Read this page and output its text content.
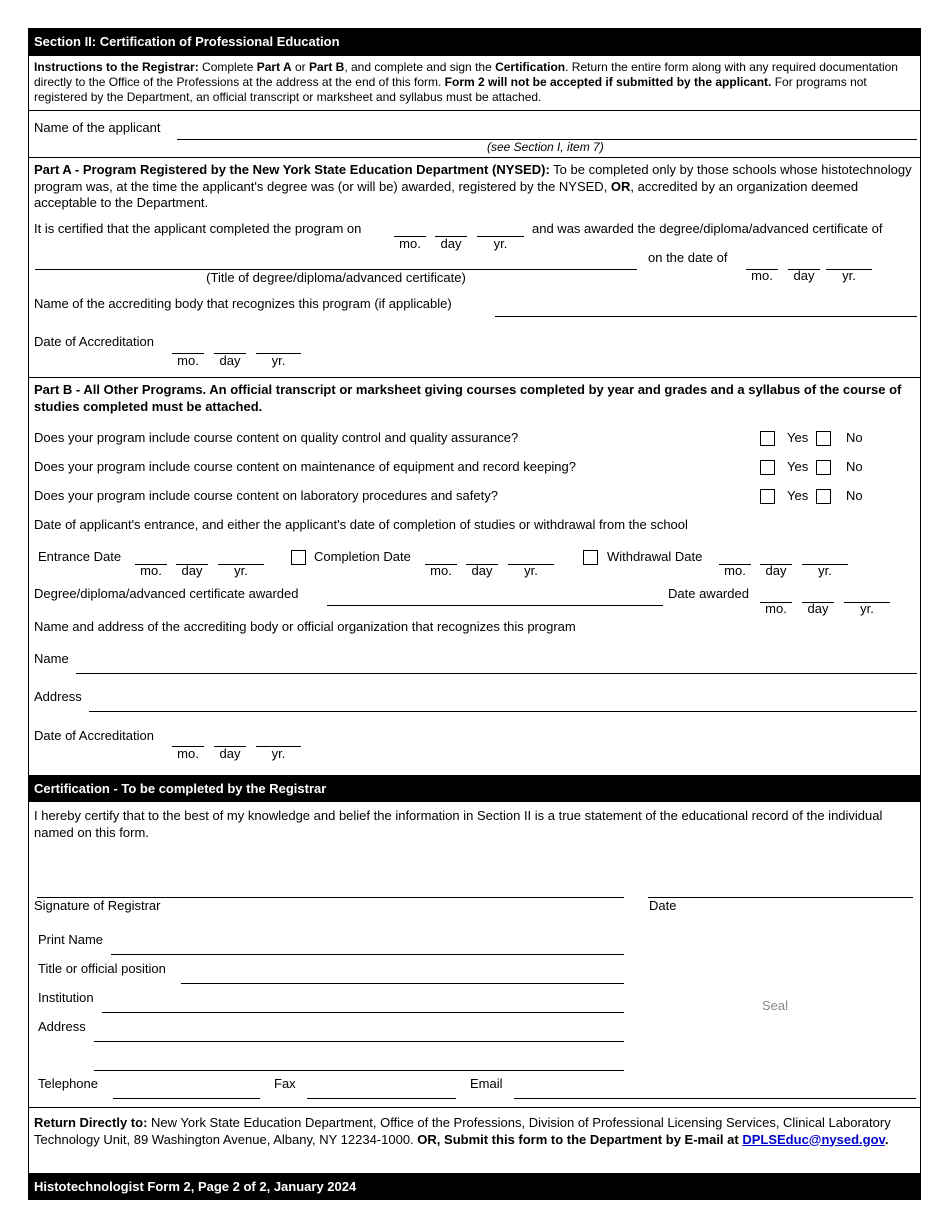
Section II: Certification of Professional Education
Instructions to the Registrar: Complete Part A or Part B, and complete and sign the Certification. Return the entire form along with any required documentation directly to the Office of the Professions at the address at the end of this form. Form 2 will not be accepted if submitted by the applicant. For programs not registered by the Department, an official transcript or marksheet and syllabus must be attached.
Name of the applicant
(see Section I, item 7)
Part A - Program Registered by the New York State Education Department (NYSED): To be completed only by those schools whose histotechnology program was, at the time the applicant's degree was (or will be) awarded, registered by the NYSED, OR, accredited by an organization deemed acceptable to the Department.
It is certified that the applicant completed the program on
mo.	day	yr.
and was awarded the degree/diploma/advanced certificate of
(Title of degree/diploma/advanced certificate)
on the date of
mo.	day	yr.
Name of the accrediting body that recognizes this program (if applicable)
Date of Accreditation
mo.	day	yr.
Part B - All Other Programs. An official transcript or marksheet giving courses completed by year and grades and a syllabus of the course of studies completed must be attached.
Does your program include course content on quality control and quality assurance?	Yes	No
Does your program include course content on maintenance of equipment and record keeping?	Yes	No
Does your program include course content on laboratory procedures and safety?	Yes	No
Date of applicant's entrance, and either the applicant's date of completion of studies or withdrawal from the school
Entrance Date
mo.	day	yr.
Completion Date
mo.	day	yr.
Withdrawal Date
mo.	day	yr.
Degree/diploma/advanced certificate awarded	Date awarded
mo.	day	yr.
Name and address of the accrediting body or official organization that recognizes this program
Name
Address
Date of Accreditation
mo.	day	yr.
Certification - To be completed by the Registrar
I hereby certify that to the best of my knowledge and belief the information in Section II is a true statement of the educational record of the individual named on this form.
Signature of Registrar	Date
Print Name
Title or official position
Institution
Address
Seal
Telephone	Fax	Email
Return Directly to: New York State Education Department, Office of the Professions, Division of Professional Licensing Services, Clinical Laboratory Technology Unit, 89 Washington Avenue, Albany, NY 12234-1000. OR, Submit this form to the Department by E-mail at DPLSEduc@nysed.gov.
Histotechnologist Form 2, Page 2 of 2, January 2024
